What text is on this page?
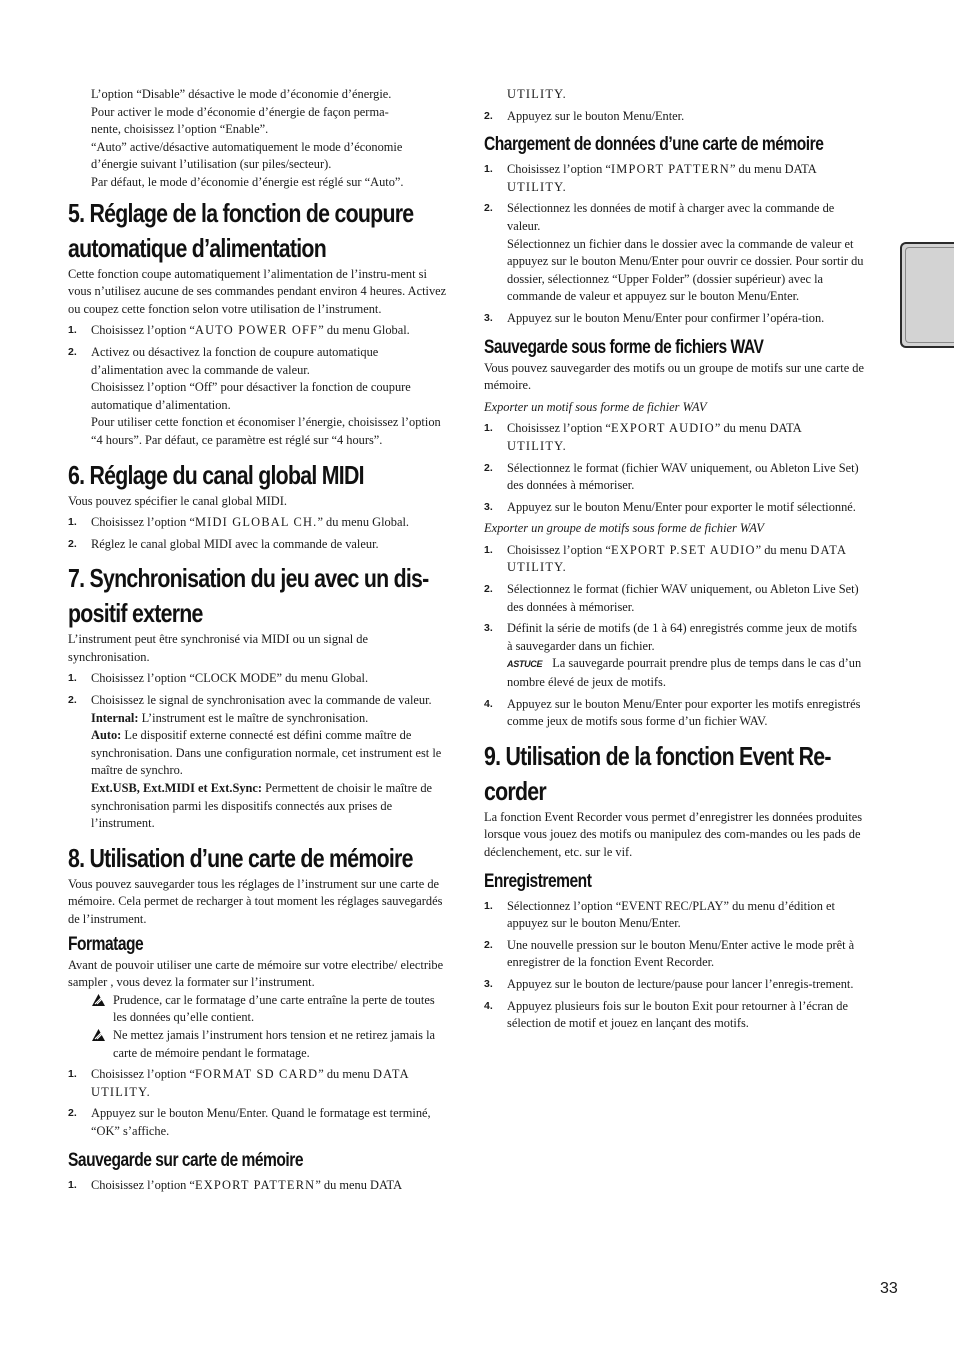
L’option “Disable” désactive le mode d’économie d’énergie.

Pour activer le mode d’économie d’énergie de façon perma-

nente, choisissez l’option “Enable”.

“Auto” active/désactive automatiquement le mode d’économie

d’énergie suivant l’utilisation (sur piles/secteur).

Par défaut, le mode d’économie d’énergie est réglé sur “Auto”.

5. Réglage de la fonction de coupure
automatique d’alimentation

Cette fonction coupe automatiquement l’alimentation de l’instru-ment si vous n’utilisez aucune de ses commandes pendant environ 4 heures. Activez ou coupez cette fonction selon votre utilisation de l’instrument.

1. Choisissez l’option “AUTO POWER OFF” du menu Global.
2. Activez ou désactivez la fonction de coupure automatique d’alimentation avec la commande de valeur.
Choisissez l’option “Off” pour désactiver la fonction de coupure automatique d’alimentation.
Pour utiliser cette fonction et économiser l’énergie, choisissez l’option “4 hours”. Par défaut, ce paramètre est réglé sur “4 hours”.
6. Réglage du canal global MIDI

Vous pouvez spécifier le canal global MIDI.

1. Choisissez l’option “MIDI GLOBAL CH.” du menu Global.
2. Réglez le canal global MIDI avec la commande de valeur.
7. Synchronisation du jeu avec un dis-
positif externe

L’instrument peut être synchronisé via MIDI ou un signal de synchronisation.

1. Choisissez l’option “CLOCK MODE” du menu Global.
2. Choisissez le signal de synchronisation avec la commande de valeur.
Internal: L’instrument est le maître de synchronisation.
Auto: Le dispositif externe connecté est défini comme maître de synchronisation. Dans une configuration normale, cet instrument est le maître de synchro.
Ext.USB, Ext.MIDI et Ext.Sync: Permettent de choisir le maître de synchronisation parmi les dispositifs connectés aux prises de l’instrument.
8. Utilisation d’une carte de mémoire

Vous pouvez sauvegarder tous les réglages de l’instrument sur une carte de mémoire. Cela permet de recharger à tout moment les réglages sauvegardés de l’instrument.

Formatage

Avant de pouvoir utiliser une carte de mémoire sur votre electribe/ electribe sampler , vous devez la formater sur l’instrument.

Prudence, car le formatage d’une carte entraîne la perte de toutes les données qu’elle contient.
Ne mettez jamais l’instrument hors tension et ne retirez jamais la carte de mémoire pendant le formatage.
1. Choisissez l’option “FORMAT SD CARD” du menu DATA UTILITY.
2. Appuyez sur le bouton Menu/Enter. Quand le formatage est terminé, “OK” s’affiche.
Sauvegarde sur carte de mémoire
1. Choisissez l’option “EXPORT PATTERN” du menu DATA

UTILITY.

2. Appuyez sur le bouton Menu/Enter.
Chargement de données d’une carte de mémoire
1. Choisissez l’option “IMPORT PATTERN” du menu DATA UTILITY.
2. Sélectionnez les données de motif à charger avec la commande de valeur.
Sélectionnez un fichier dans le dossier avec la commande de valeur et appuyez sur le bouton Menu/Enter pour ouvrir ce dossier. Pour sortir du dossier, sélectionnez “Upper Folder” (dossier supérieur) avec la commande de valeur et appuyez sur le bouton Menu/Enter.
3. Appuyez sur le bouton Menu/Enter pour confirmer l’opéra-tion.
Sauvegarde sous forme de fichiers WAV

Vous pouvez sauvegarder des motifs ou un groupe de motifs sur une carte de mémoire.

Exporter un motif sous forme de fichier WAV

1. Choisissez l’option “EXPORT AUDIO” du menu DATA UTILITY.
2. Sélectionnez le format (fichier WAV uniquement, ou Ableton Live Set) des données à mémoriser.
3. Appuyez sur le bouton Menu/Enter pour exporter le motif sélectionné.

Exporter un groupe de motifs sous forme de fichier WAV

1. Choisissez l’option “EXPORT P.SET AUDIO” du menu DATA UTILITY.
2. Sélectionnez le format (fichier WAV uniquement, ou Ableton Live Set) des données à mémoriser.
3. Définit la série de motifs (de 1 à 64) enregistrés comme jeux de motifs à sauvegarder dans un fichier.
ASTUCE La sauvegarde pourrait prendre plus de temps dans le cas d’un nombre élevé de jeux de motifs.
4. Appuyez sur le bouton Menu/Enter pour exporter les motifs enregistrés comme jeux de motifs sous forme d’un fichier WAV.
9. Utilisation de la fonction Event Re-
corder

La fonction Event Recorder vous permet d’enregistrer les données produites lorsque vous jouez des motifs ou manipulez des com-mandes ou les pads de déclenchement, etc. sur le vif.

Enregistrement
1. Sélectionnez l’option “EVENT REC/PLAY” du menu d’édition et appuyez sur le bouton Menu/Enter.
2. Une nouvelle pression sur le bouton Menu/Enter active le mode prêt à enregistrer de la fonction Event Recorder.
3. Appuyez sur le bouton de lecture/pause pour lancer l’enregis-trement.
4. Appuyez plusieurs fois sur le bouton Exit pour retourner à l’écran de sélection de motif et jouez en lançant des motifs.
33
